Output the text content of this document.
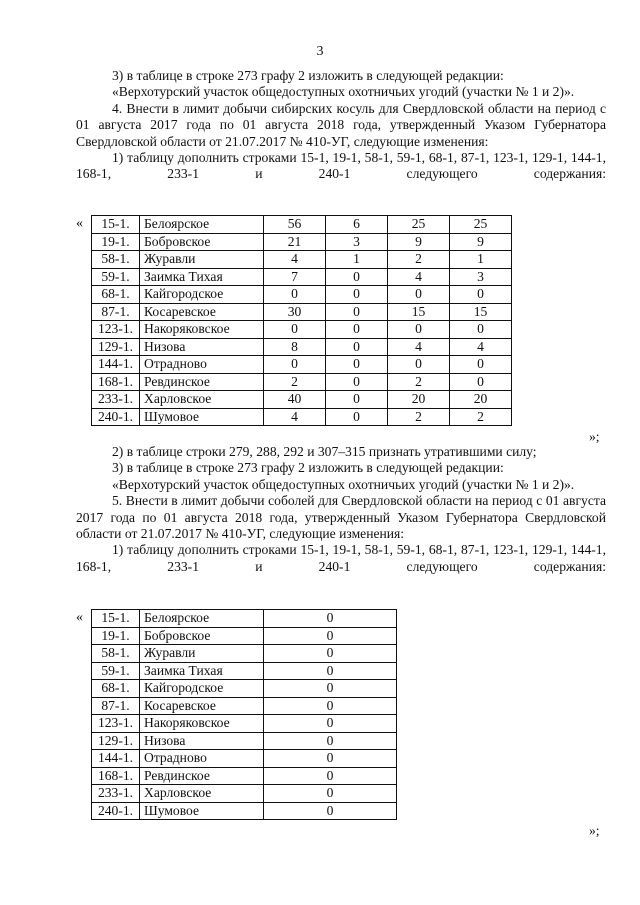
3

3) в таблице в строке 273 графу 2 изложить в следующей редакции:

«Верхотурский участок общедоступных охотничьих угодий (участки № 1 и 2)».

4. Внести в лимит добычи сибирских косуль для Свердловской области на период с 01 августа 2017 года по 01 августа 2018 года, утвержденный Указом Губернатора Свердловской области от 21.07.2017 № 410-УГ, следующие изменения:

1) таблицу дополнить строками 15-1, 19-1, 58-1, 59-1, 68-1, 87-1, 123-1, 129-1, 144-1, 168-1, 233-1 и 240-1 следующего содержания:

« 15-1.	Белоярское	56	6	25	25
19-1.	Бобровское	21	3	9	9
58-1.	Журавли	4	1	2	1
59-1.	Заимка Тихая	7	0	4	3
68-1.	Кайгородское	0	0	0	0
87-1.	Косаревское	30	0	15	15
123-1.	Накоряковское	0	0	0	0
129-1.	Низова	8	0	4	4
144-1.	Отрадново	0	0	0	0
168-1.	Ревдинское	2	0	2	0
233-1.	Харловское	40	0	20	20
240-1.	Шумовое	4	0	2	2
»;

2) в таблице строки 279, 288, 292 и 307–315 признать утратившими силу;

3) в таблице в строке 273 графу 2 изложить в следующей редакции:

«Верхотурский участок общедоступных охотничьих угодий (участки № 1 и 2)».

5. Внести в лимит добычи соболей для Свердловской области на период с 01 августа 2017 года по 01 августа 2018 года, утвержденный Указом Губернатора Свердловской области от 21.07.2017 № 410-УГ, следующие изменения:

1) таблицу дополнить строками 15-1, 19-1, 58-1, 59-1, 68-1, 87-1, 123-1, 129-1, 144-1, 168-1, 233-1 и 240-1 следующего содержания:

« 15-1.	Белоярское	0
19-1.	Бобровское	0
58-1.	Журавли	0
59-1.	Заимка Тихая	0
68-1.	Кайгородское	0
87-1.	Косаревское	0
123-1.	Накоряковское	0
129-1.	Низова	0
144-1.	Отрадново	0
168-1.	Ревдинское	0
233-1.	Харловское	0
240-1.	Шумовое	0
»;
